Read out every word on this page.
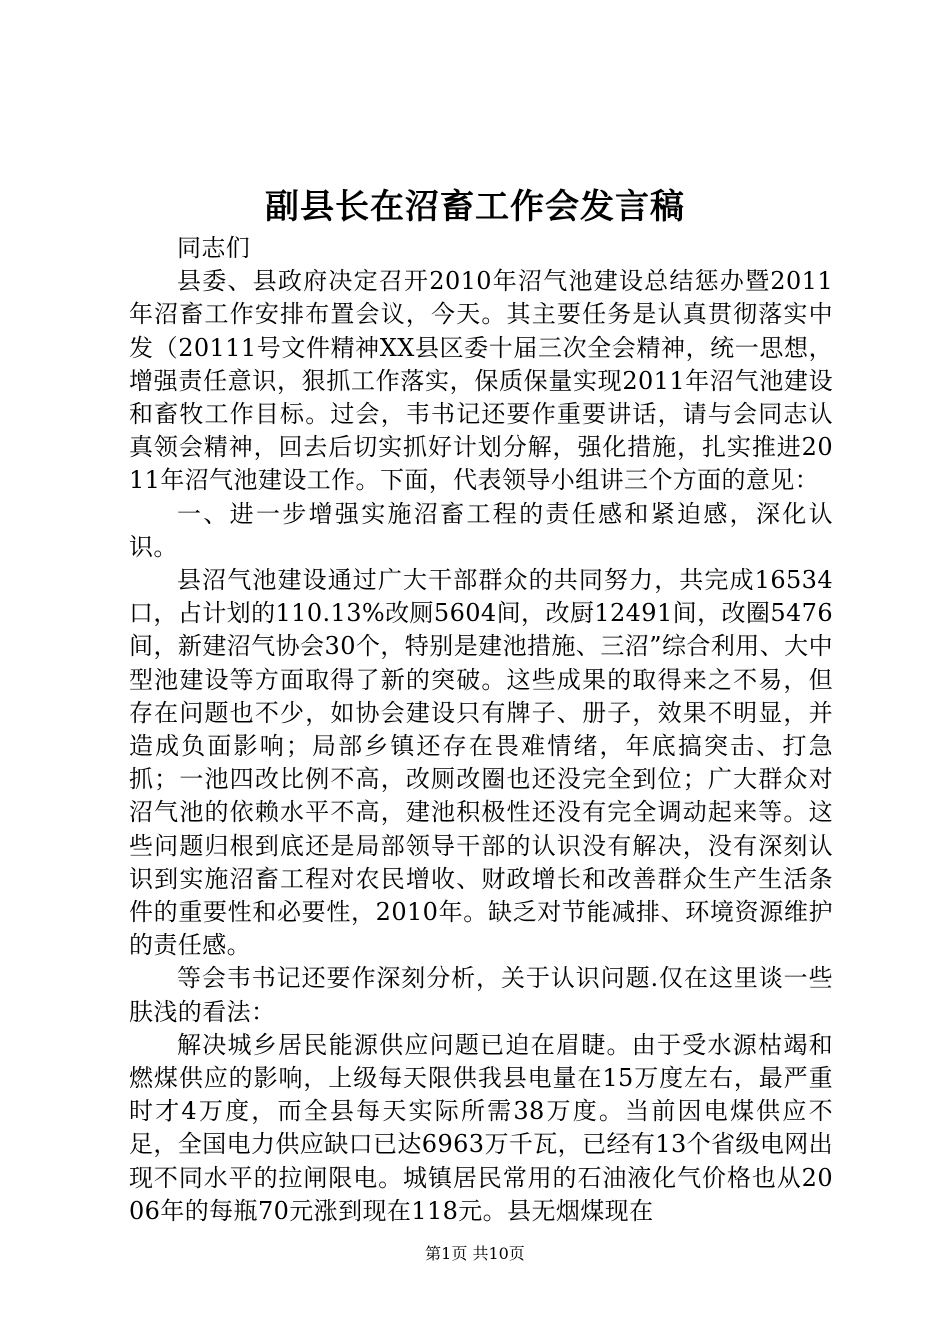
副县长在沼畜工作会发言稿

同志们

县委、县政府决定召开2010年沼气池建设总结惩办暨2011年沼畜工作安排布置会议，今天。其主要任务是认真贯彻落实中发（20111号文件精神XX县区委十届三次全会精神，统一思想，增强责任意识，狠抓工作落实，保质保量实现2011年沼气池建设和畜牧工作目标。过会，韦书记还要作重要讲话，请与会同志认真领会精神，回去后切实抓好计划分解，强化措施，扎实推进2011年沼气池建设工作。下面，代表领导小组讲三个方面的意见：

一、进一步增强实施沼畜工程的责任感和紧迫感，深化认识。

县沼气池建设通过广大干部群众的共同努力，共完成16534口，占计划的110.13%改厕5604间，改厨12491间，改圈5476间，新建沼气协会30个，特别是建池措施、三沼”综合利用、大中型池建设等方面取得了新的突破。这些成果的取得来之不易，但存在问题也不少，如协会建设只有牌子、册子，效果不明显，并造成负面影响；局部乡镇还存在畏难情绪，年底搞突击、打急抓；一池四改比例不高，改厕改圈也还没完全到位；广大群众对沼气池的依赖水平不高，建池积极性还没有完全调动起来等。这些问题归根到底还是局部领导干部的认识没有解决，没有深刻认识到实施沼畜工程对农民增收、财政增长和改善群众生产生活条件的重要性和必要性，2010年。缺乏对节能减排、环境资源维护的责任感。

等会韦书记还要作深刻分析，关于认识问题.仅在这里谈一些肤浅的看法：

解决城乡居民能源供应问题已迫在眉睫。由于受水源枯竭和燃煤供应的影响，上级每天限供我县电量在15万度左右，最严重时才4万度，而全县每天实际所需38万度。当前因电煤供应不足，全国电力供应缺口已达6963万千瓦，已经有13个省级电网出现不同水平的拉闸限电。城镇居民常用的石油液化气价格也从2006年的每瓶70元涨到现在118元。县无烟煤现在

第1页 共10页
